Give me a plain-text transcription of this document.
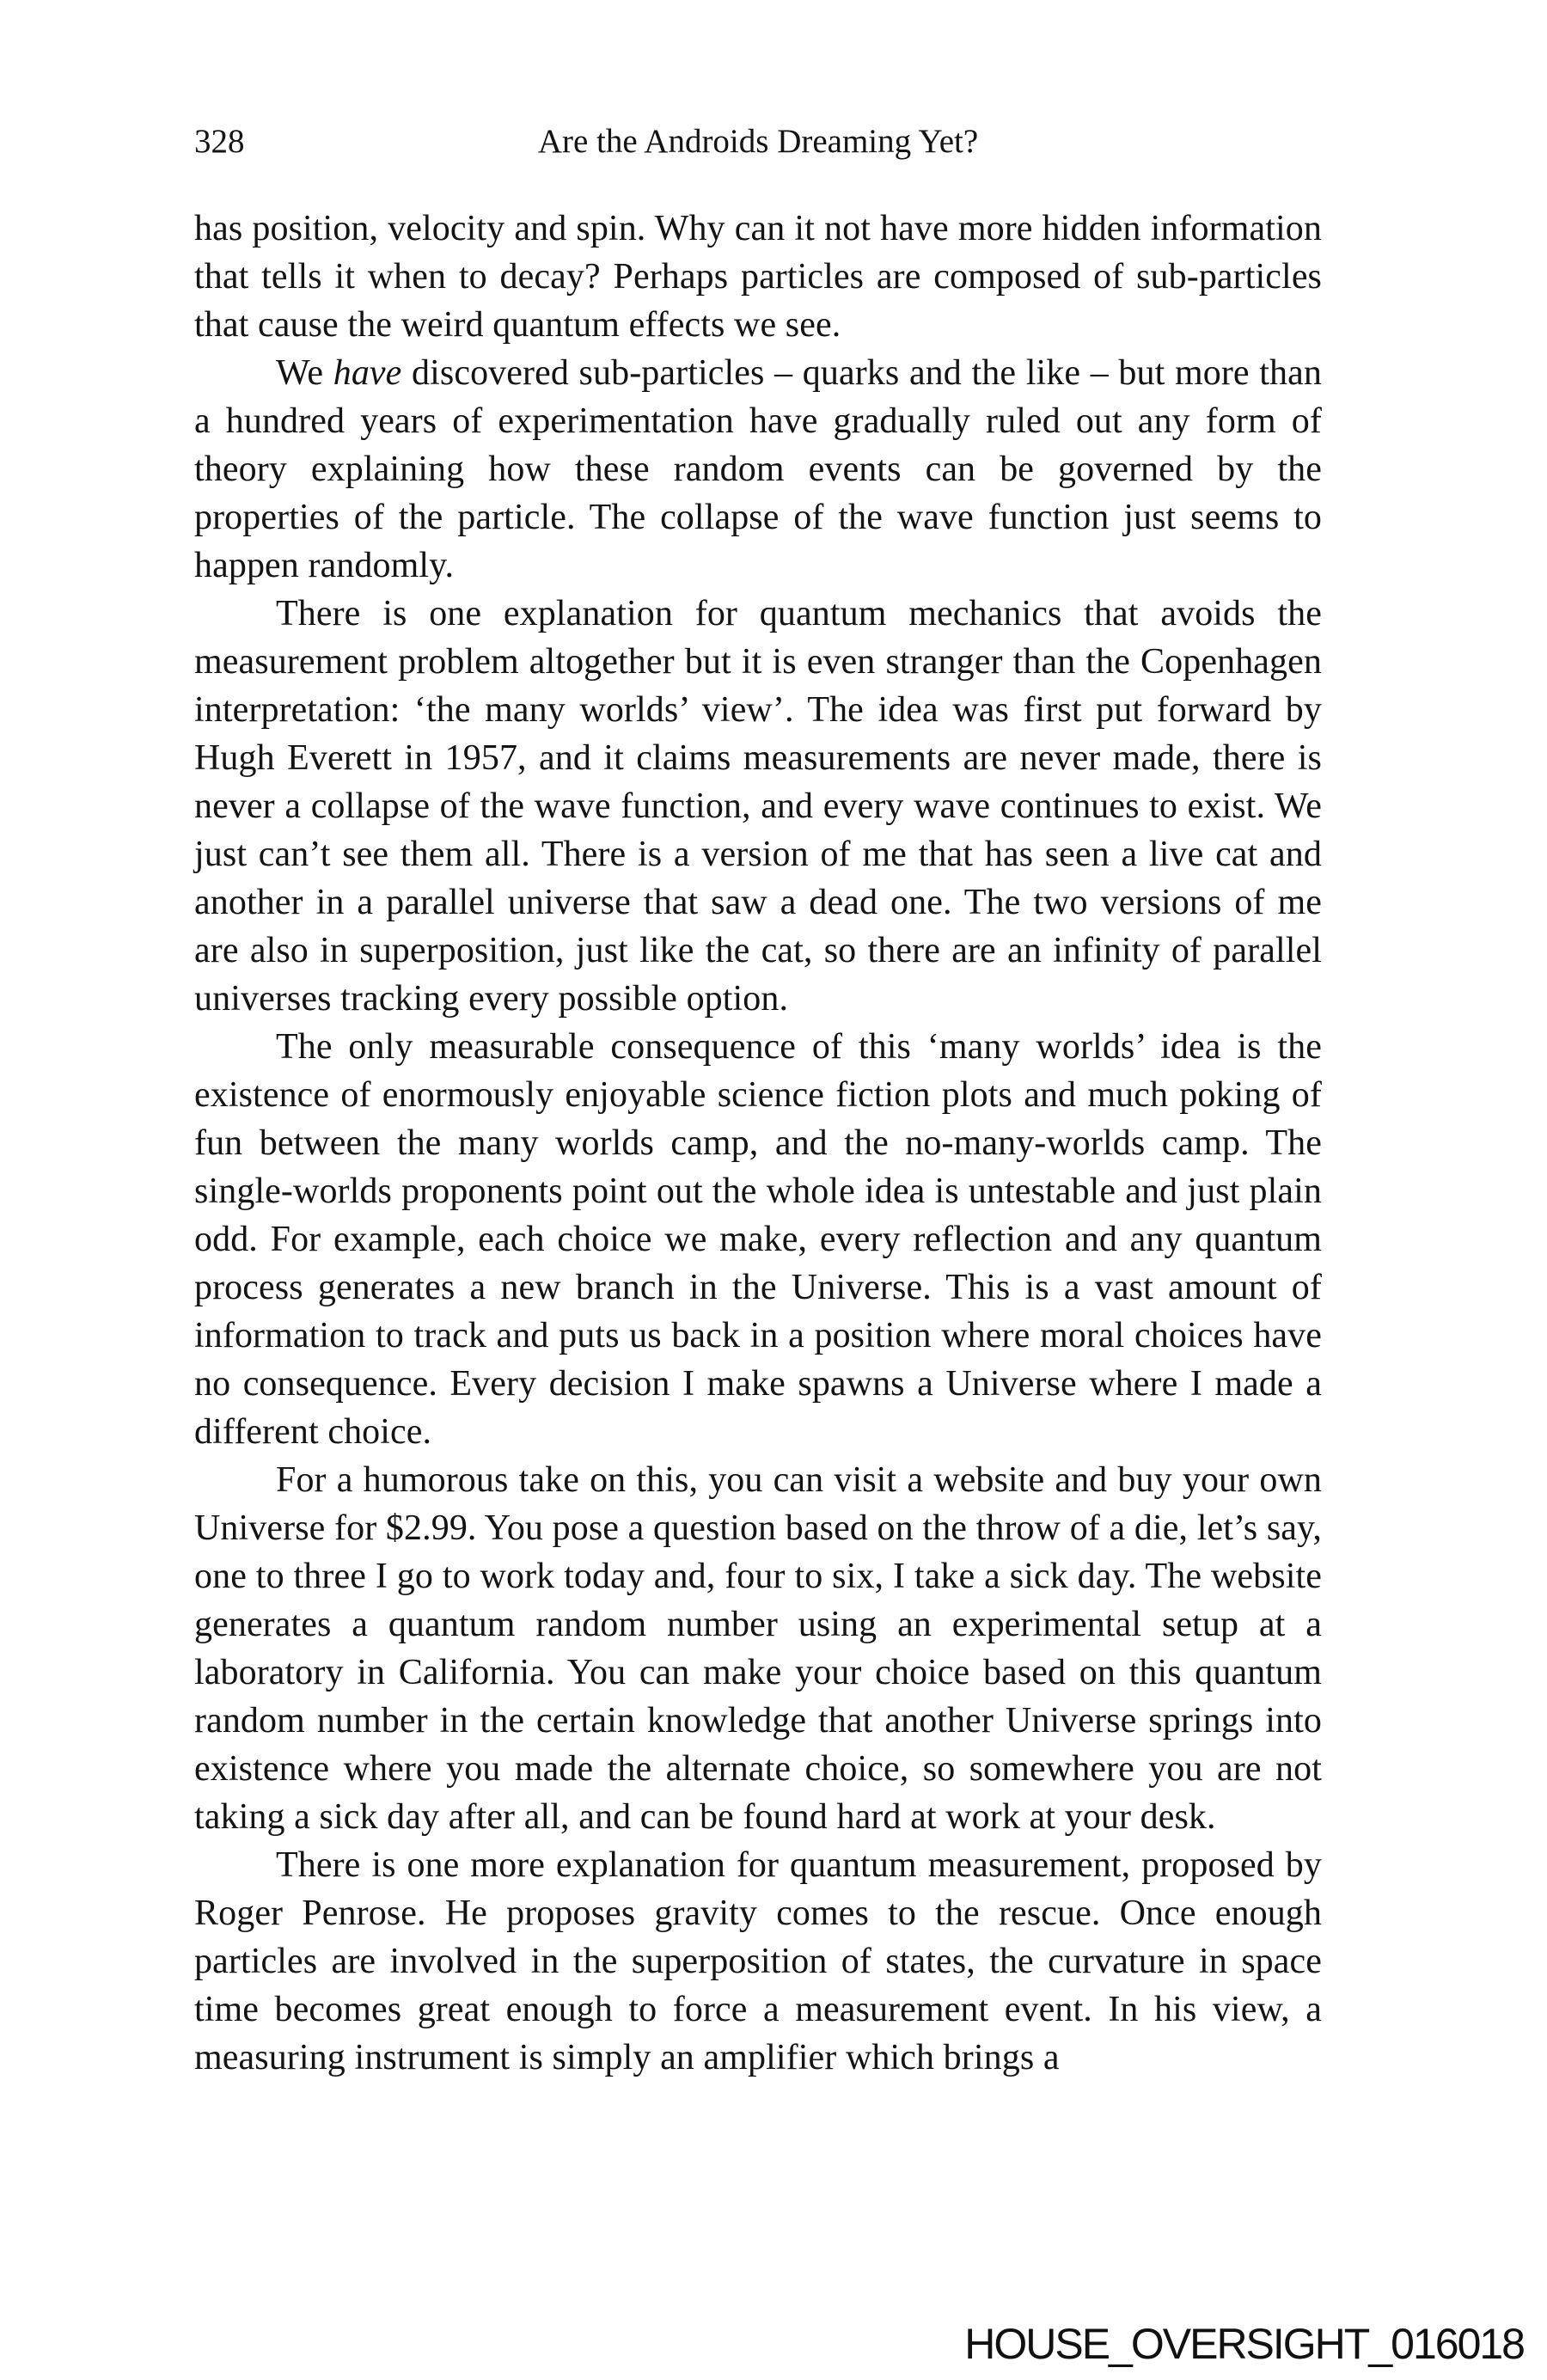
328	Are the Androids Dreaming Yet?

has position, velocity and spin. Why can it not have more hidden information that tells it when to decay? Perhaps particles are composed of sub-particles that cause the weird quantum effects we see.

We have discovered sub-particles – quarks and the like – but more than a hundred years of experimentation have gradually ruled out any form of theory explaining how these random events can be governed by the properties of the particle. The collapse of the wave function just seems to happen randomly.

There is one explanation for quantum mechanics that avoids the measurement problem altogether but it is even stranger than the Copenhagen interpretation: ‘the many worlds’ view’. The idea was first put forward by Hugh Everett in 1957, and it claims measurements are never made, there is never a collapse of the wave function, and every wave continues to exist. We just can’t see them all. There is a version of me that has seen a live cat and another in a parallel universe that saw a dead one. The two versions of me are also in superposition, just like the cat, so there are an infinity of parallel universes tracking every possible option.

The only measurable consequence of this ‘many worlds’ idea is the existence of enormously enjoyable science fiction plots and much poking of fun between the many worlds camp, and the no-many-worlds camp. The single-worlds proponents point out the whole idea is untestable and just plain odd. For example, each choice we make, every reflection and any quantum process generates a new branch in the Universe. This is a vast amount of information to track and puts us back in a position where moral choices have no consequence. Every decision I make spawns a Universe where I made a different choice.

For a humorous take on this, you can visit a website and buy your own Universe for $2.99. You pose a question based on the throw of a die, let’s say, one to three I go to work today and, four to six, I take a sick day. The website generates a quantum random number using an experimental setup at a laboratory in California. You can make your choice based on this quantum random number in the certain knowledge that another Universe springs into existence where you made the alternate choice, so somewhere you are not taking a sick day after all, and can be found hard at work at your desk.

There is one more explanation for quantum measurement, proposed by Roger Penrose. He proposes gravity comes to the rescue. Once enough particles are involved in the superposition of states, the curvature in space time becomes great enough to force a measurement event. In his view, a measuring instrument is simply an amplifier which brings a

HOUSE_OVERSIGHT_016018
